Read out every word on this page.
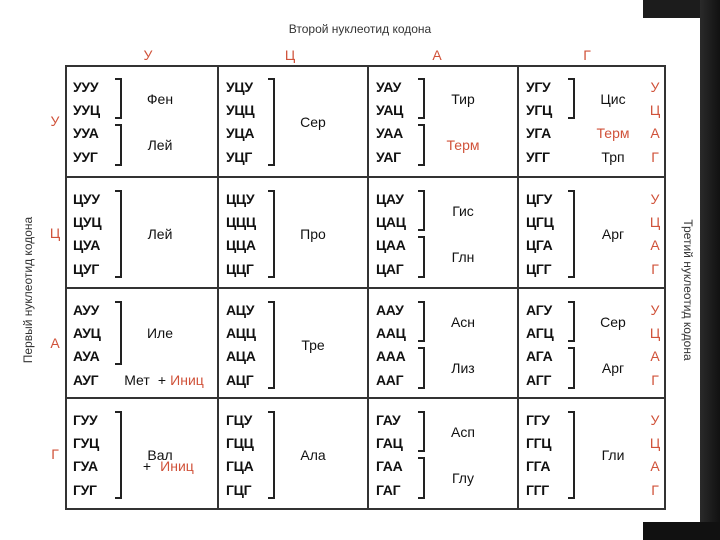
Второй нуклеотид кодона
Первый нуклеотид кодона	Третий нуклеотид кодона
У
У
У
Ц
А
Г
Ц
Ц
У
Ц
А
Г
А
А
У
Ц
А
Г
Г
Г
У
Ц
А
Г
УУУ
УУЦ
УУА
УУГ
Фен
Лей
УЦУ
УЦЦ
УЦА
УЦГ
Сер
УАУ
УАЦ
УАА
УАГ
Тир
Терм
УГУ
УГЦ
УГА
УГГ
Цис
Терм
Трп
ЦУУ
ЦУЦ
ЦУА
ЦУГ
Лей
ЦЦУ
ЦЦЦ
ЦЦА
ЦЦГ
Про
ЦАУ
ЦАЦ
ЦАА
ЦАГ
Гис
Глн
ЦГУ
ЦГЦ
ЦГА
ЦГГ
Арг
АУУ
АУЦ
АУА
АУГ
Иле
Мет + Иниц
АЦУ
АЦЦ
АЦА
АЦГ
Тре
ААУ
ААЦ
ААА
ААГ
Асн
Лиз
АГУ
АГЦ
АГА
АГГ
Сер
Арг
ГУУ
ГУЦ
ГУА
ГУГ
Вал
+ Иниц
ГЦУ
ГЦЦ
ГЦА
ГЦГ
Ала
ГАУ
ГАЦ
ГАА
ГАГ
Асп
Глу
ГГУ
ГГЦ
ГГА
ГГГ
Гли
